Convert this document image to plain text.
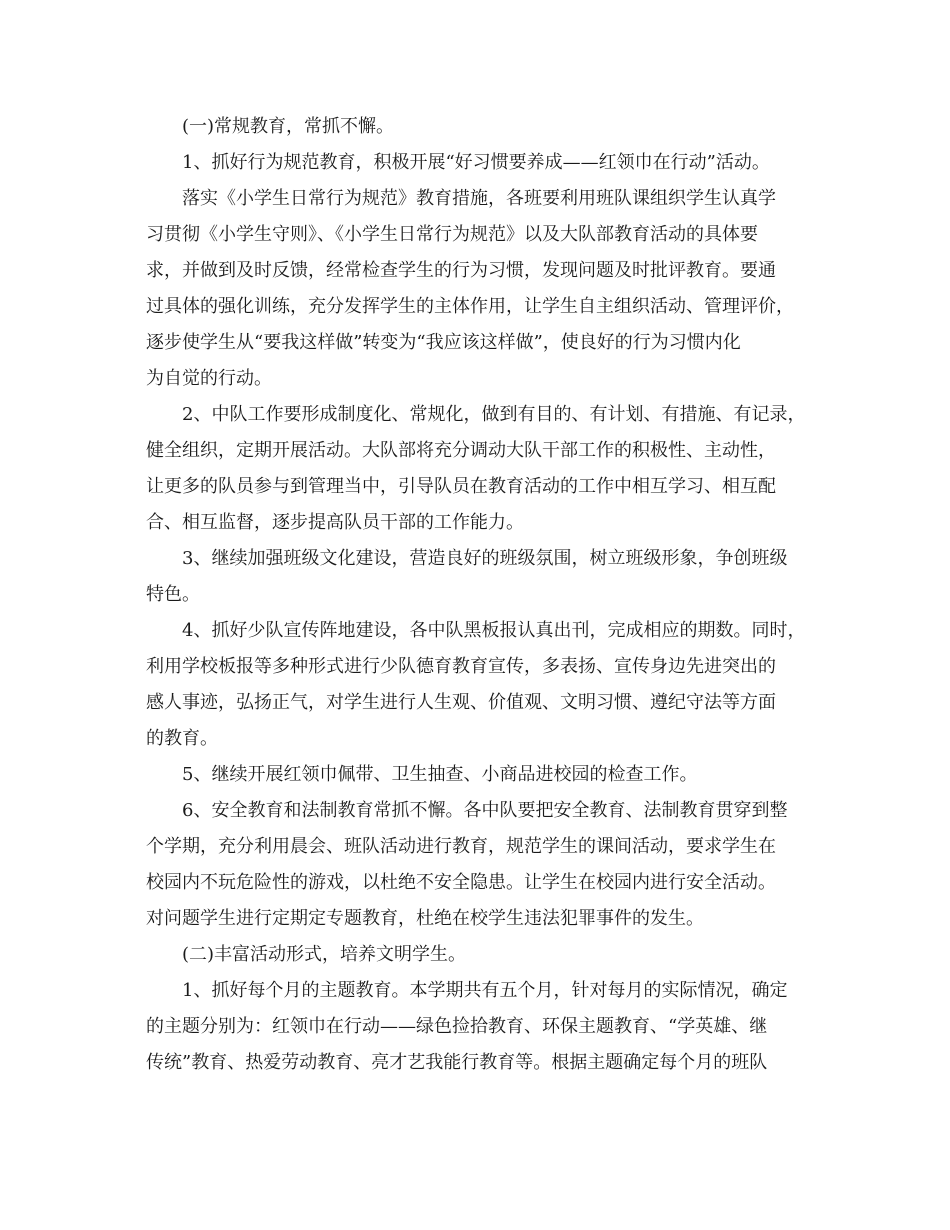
(一)常规教育，常抓不懈。
1、抓好行为规范教育，积极开展“好习惯要养成——红领巾在行动”活动。
落实《小学生日常行为规范》教育措施，各班要利用班队课组织学生认真学
习贯彻《小学生守则》、《小学生日常行为规范》以及大队部教育活动的具体要
求，并做到及时反馈，经常检查学生的行为习惯，发现问题及时批评教育。要通
过具体的强化训练，充分发挥学生的主体作用，让学生自主组织活动、管理评价，
逐步使学生从“要我这样做”转变为“我应该这样做”，使良好的行为习惯内化
为自觉的行动。
2、中队工作要形成制度化、常规化，做到有目的、有计划、有措施、有记录，
健全组织，定期开展活动。大队部将充分调动大队干部工作的积极性、主动性，
让更多的队员参与到管理当中，引导队员在教育活动的工作中相互学习、相互配
合、相互监督，逐步提高队员干部的工作能力。
3、继续加强班级文化建设，营造良好的班级氛围，树立班级形象，争创班级
特色。
4、抓好少队宣传阵地建设，各中队黑板报认真出刊，完成相应的期数。同时，
利用学校板报等多种形式进行少队德育教育宣传，多表扬、宣传身边先进突出的
感人事迹，弘扬正气，对学生进行人生观、价值观、文明习惯、遵纪守法等方面
的教育。
5、继续开展红领巾佩带、卫生抽查、小商品进校园的检查工作。
6、安全教育和法制教育常抓不懈。各中队要把安全教育、法制教育贯穿到整
个学期，充分利用晨会、班队活动进行教育，规范学生的课间活动，要求学生在
校园内不玩危险性的游戏，以杜绝不安全隐患。让学生在校园内进行安全活动。
对问题学生进行定期定专题教育，杜绝在校学生违法犯罪事件的发生。
(二)丰富活动形式，培养文明学生。
1、抓好每个月的主题教育。本学期共有五个月，针对每月的实际情况，确定
的主题分别为：红领巾在行动——绿色捡拾教育、环保主题教育、“学英雄、继
传统”教育、热爱劳动教育、亮才艺我能行教育等。根据主题确定每个月的班队
